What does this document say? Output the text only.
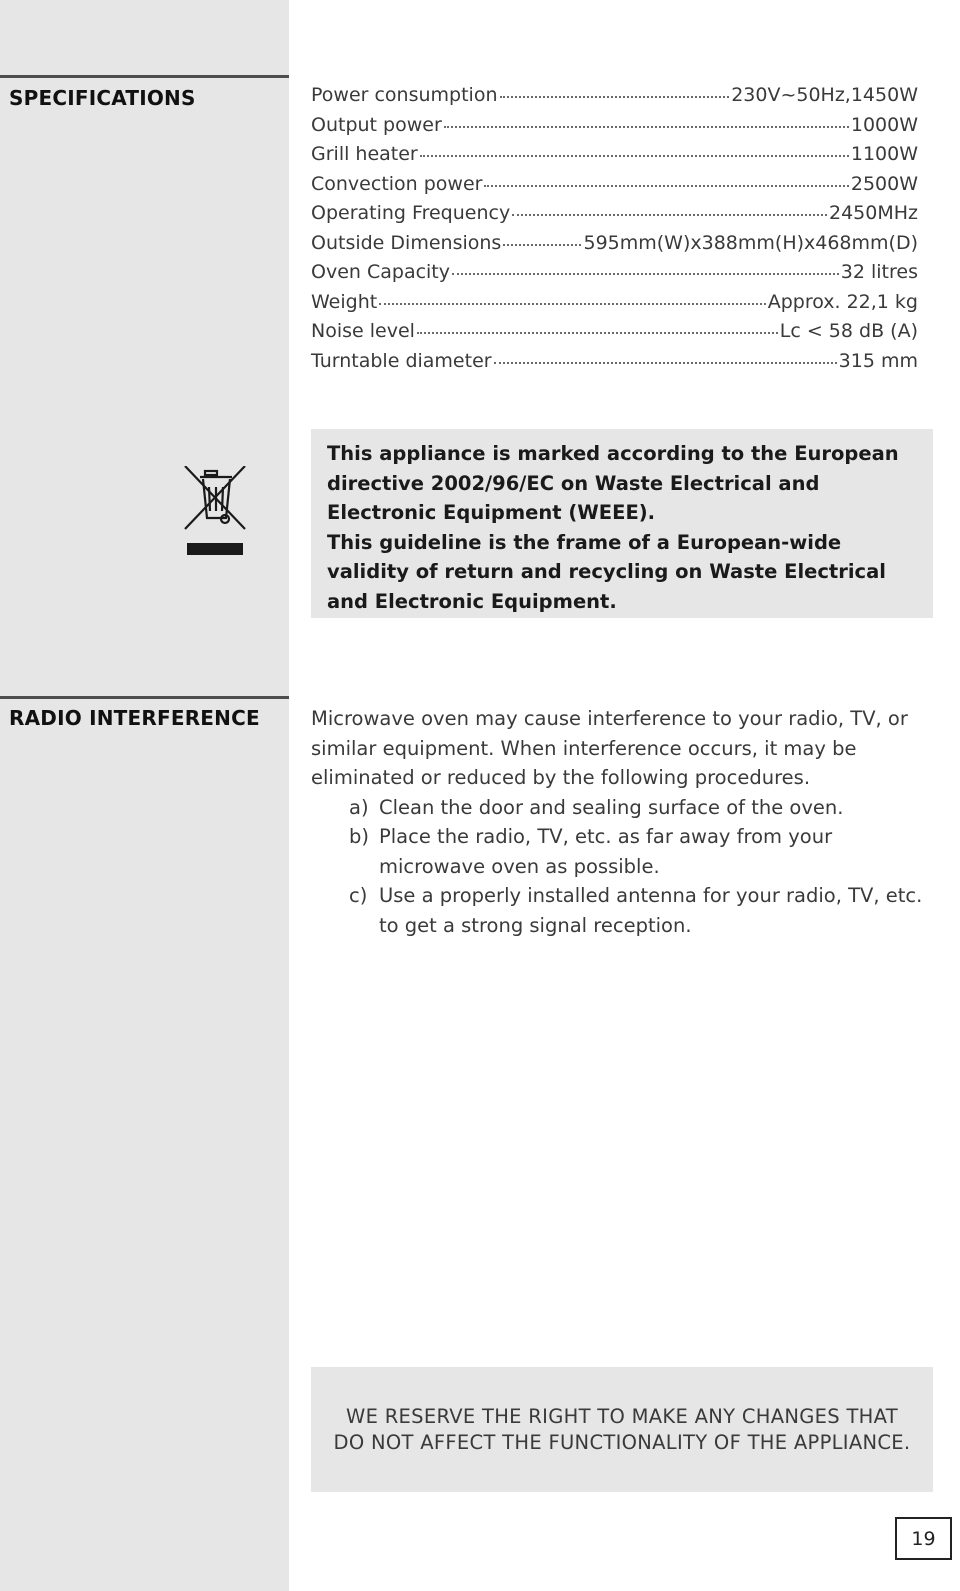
SPECIFICATIONS	Power consumption	230V~50Hz,1450W
Output power	1000W
Grill heater	1100W
Convection power	2500W
Operating Frequency	2450MHz
Outside Dimensions	595mm(W)x388mm(H)x468mm(D)
Oven Capacity	32 litres
Weight	Approx. 22,1 kg
Noise level	Lc < 58 dB (A)
Turntable diameter	315 mm

This appliance is marked according to the European directive 2002/96/EC on Waste Electrical and Electronic Equipment (WEEE).

This guideline is the frame of a European-wide validity of return and recycling on Waste Electrical and Electronic Equipment.

RADIO INTERFERENCE	Microwave oven may cause interference to your radio, TV, or similar equipment. When interference occurs, it may be eliminated or reduced by the following procedures.

a) Clean the door and sealing surface of the oven.
b) Place the radio, TV, etc. as far away from your microwave oven as possible.
c) Use a properly installed antenna for your radio, TV, etc. to get a strong signal reception.

WE RESERVE THE RIGHT TO MAKE ANY CHANGES THAT DO NOT AFFECT THE FUNCTIONALITY OF THE APPLIANCE.

19
